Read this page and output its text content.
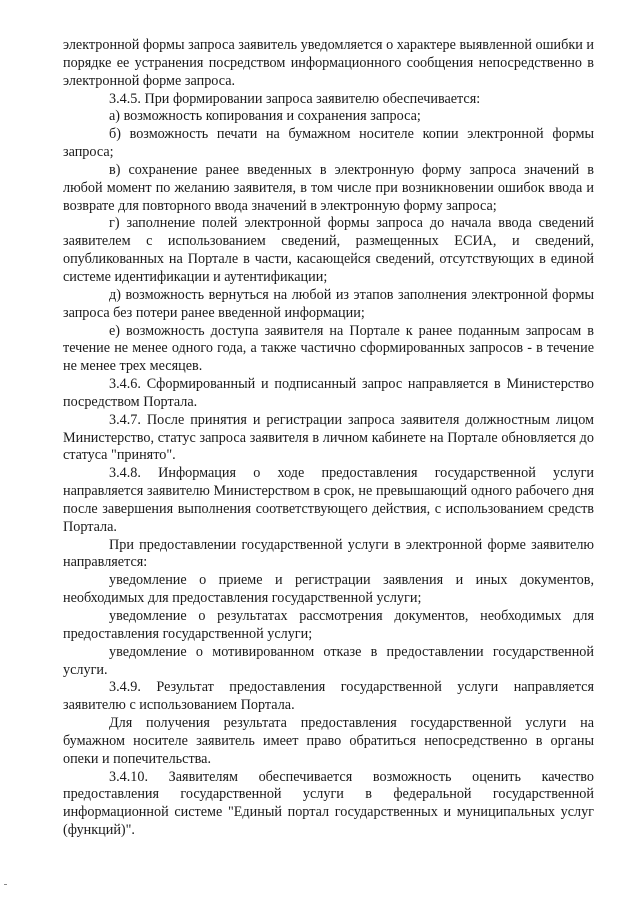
электронной формы запроса заявитель уведомляется о характере выявленной ошибки и порядке ее устранения посредством информационного сообщения непосредственно в электронной форме запроса.

3.4.5. При формировании запроса заявителю обеспечивается:

а) возможность копирования и сохранения запроса;

б) возможность печати на бумажном носителе копии электронной формы запроса;

в) сохранение ранее введенных в электронную форму запроса значений в любой момент по желанию заявителя, в том числе при возникновении ошибок ввода и возврате для повторного ввода значений в электронную форму запроса;

г) заполнение полей электронной формы запроса до начала ввода сведений заявителем с использованием сведений, размещенных ЕСИА, и сведений, опубликованных на Портале в части, касающейся сведений, отсутствующих в единой системе идентификации и аутентификации;

д) возможность вернуться на любой из этапов заполнения электронной формы запроса без потери ранее введенной информации;

е) возможность доступа заявителя на Портале к ранее поданным запросам в течение не менее одного года, а также частично сформированных запросов - в течение не менее трех месяцев.

3.4.6. Сформированный и подписанный запрос направляется в Министерство посредством Портала.

3.4.7. После принятия и регистрации запроса заявителя должностным лицом Министерство, статус запроса заявителя в личном кабинете на Портале обновляется до статуса "принято".

3.4.8. Информация о ходе предоставления государственной услуги направляется заявителю Министерством в срок, не превышающий одного рабочего дня после завершения выполнения соответствующего действия, с использованием средств Портала.

При предоставлении государственной услуги в электронной форме заявителю направляется:

уведомление о приеме и регистрации заявления и иных документов, необходимых для предоставления государственной услуги;

уведомление о результатах рассмотрения документов, необходимых для предоставления государственной услуги;

уведомление о мотивированном отказе в предоставлении государственной услуги.

3.4.9. Результат предоставления государственной услуги направляется заявителю с использованием Портала.

Для получения результата предоставления государственной услуги на бумажном носителе заявитель имеет право обратиться непосредственно в органы опеки и попечительства.

3.4.10. Заявителям обеспечивается возможность оценить качество предоставления государственной услуги в федеральной государственной информационной системе "Единый портал государственных и муниципальных услуг (функций)".
